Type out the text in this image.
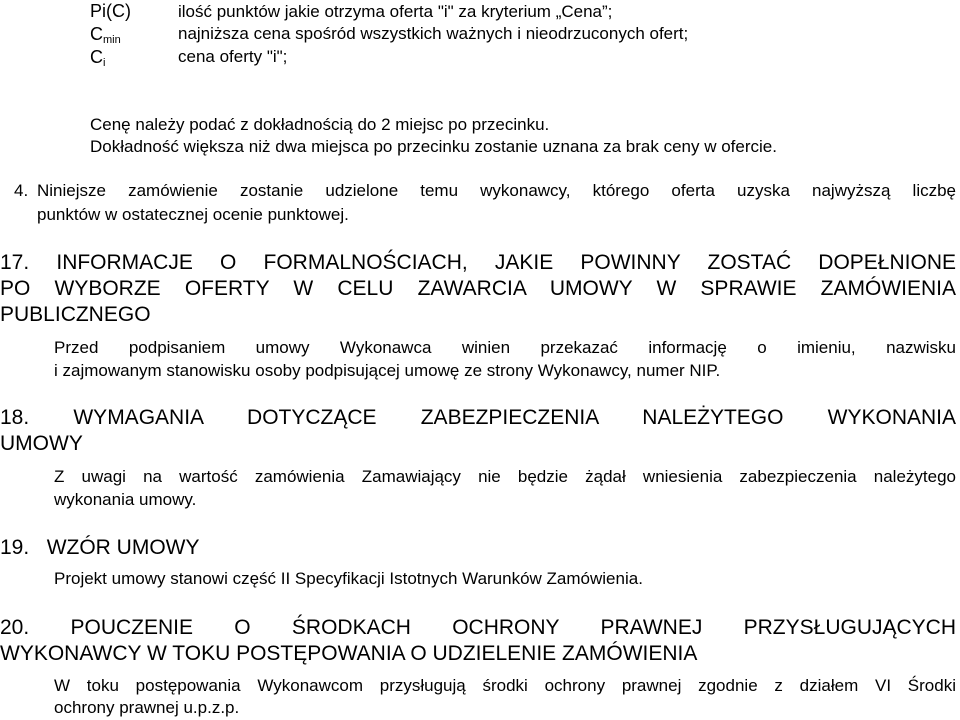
Pi(C)	ilość punktów jakie otrzyma oferta "i" za kryterium „Cena”;
$C_{min}$	najniższa cena spośród wszystkich ważnych i nieodrzuconych ofert;
$C_i$	cena oferty "i";
Cenę należy podać z dokładnością do 2 miejsc po przecinku.
Dokładność większa niż dwa miejsca po przecinku zostanie uznana za brak ceny w ofercie.
4. Niniejsze zamówienie zostanie udzielone temu wykonawcy, którego oferta uzyska najwyższą liczbę
punktów w ostatecznej ocenie punktowej.
17. INFORMACJE O FORMALNOŚCIACH, JAKIE POWINNY ZOSTAĆ DOPEŁNIONE
PO WYBORZE OFERTY W CELU ZAWARCIA UMOWY W SPRAWIE ZAMÓWIENIA
PUBLICZNEGO
Przed podpisaniem umowy Wykonawca winien przekazać informację o imieniu, nazwisku
i zajmowanym stanowisku osoby podpisującej umowę ze strony Wykonawcy, numer NIP.
18. WYMAGANIA DOTYCZĄCE ZABEZPIECZENIA NALEŻYTEGO WYKONANIA
UMOWY
Z uwagi na wartość zamówienia Zamawiający nie będzie żądał wniesienia zabezpieczenia należytego
wykonania umowy.
19.   WZÓR UMOWY
Projekt umowy stanowi część II Specyfikacji Istotnych Warunków Zamówienia.
20. POUCZENIE O ŚRODKACH OCHRONY PRAWNEJ PRZYSŁUGUJĄCYCH
WYKONAWCY W TOKU POSTĘPOWANIA O UDZIELENIE ZAMÓWIENIA
W toku postępowania Wykonawcom przysługują środki ochrony prawnej zgodnie z działem VI Środki
ochrony prawnej u.p.z.p.
